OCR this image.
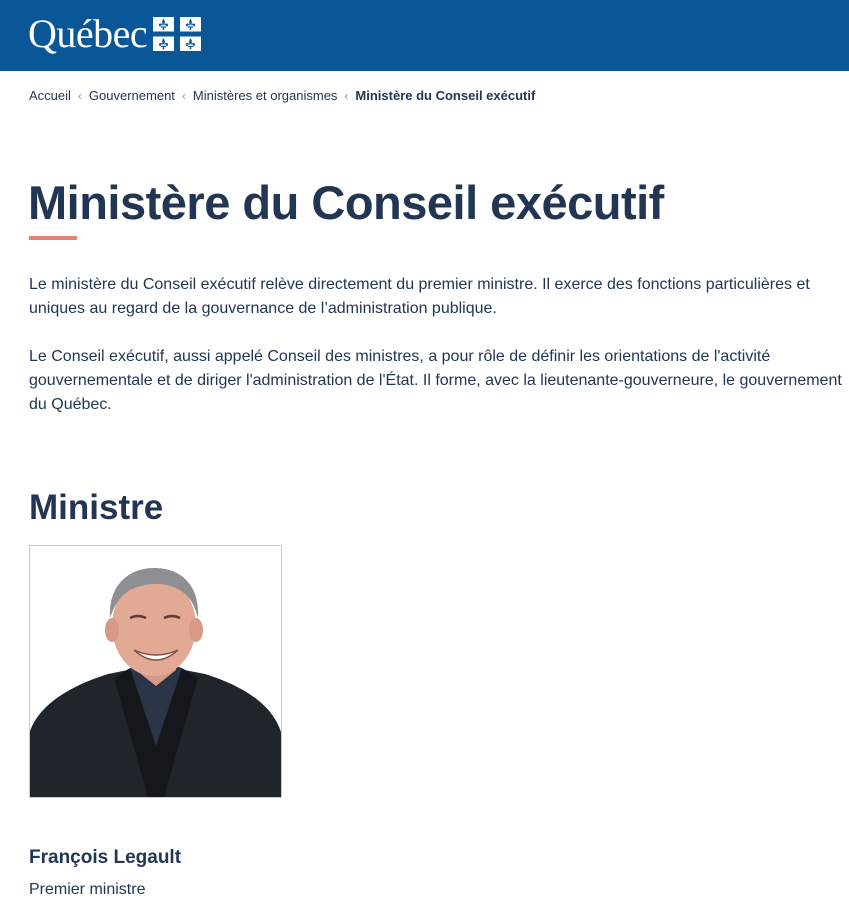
Québec
Accueil ‹ Gouvernement ‹ Ministères et organismes ‹ Ministère du Conseil exécutif
Ministère du Conseil exécutif

Le ministère du Conseil exécutif relève directement du premier ministre. Il exerce des fonctions particulières et uniques au regard de la gouvernance de l’administration publique.

Le Conseil exécutif, aussi appelé Conseil des ministres, a pour rôle de définir les orientations de l'activité gouvernementale et de diriger l'administration de l'État. Il forme, avec la lieutenante-gouverneure, le gouvernement du Québec.

Ministre

François Legault

Premier ministre
